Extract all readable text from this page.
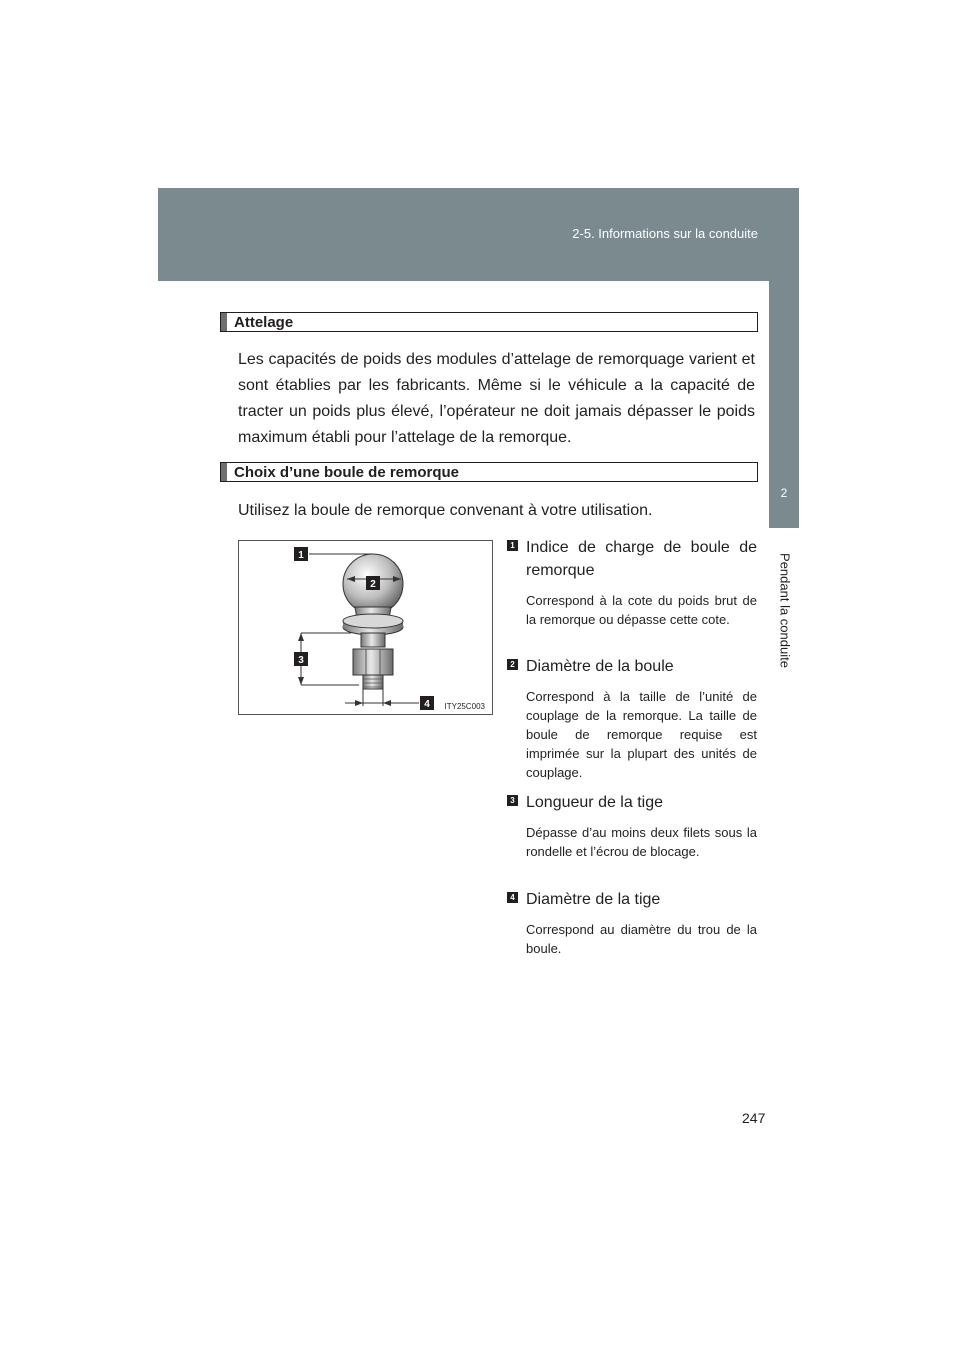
2-5. Informations sur la conduite
2
Pendant la conduite
Attelage
Les capacités de poids des modules d’attelage de remorquage varient et sont établies par les fabricants. Même si le véhicule a la capacité de tracter un poids plus élevé, l’opérateur ne doit jamais dépasser le poids maximum établi pour l’attelage de la remorque.
Choix d’une boule de remorque
Utilisez la boule de remorque convenant à votre utilisation.
1
2
3
4 ITY25C003
1 Indice de charge de boule de remorque
Correspond à la cote du poids brut de la remorque ou dépasse cette cote.
2 Diamètre de la boule
Correspond à la taille de l’unité de couplage de la remorque. La taille de boule de remorque requise est imprimée sur la plupart des unités de couplage.
3 Longueur de la tige
Dépasse d’au moins deux filets sous la rondelle et l’écrou de blocage.
4 Diamètre de la tige
Correspond au diamètre du trou de la boule.
247
